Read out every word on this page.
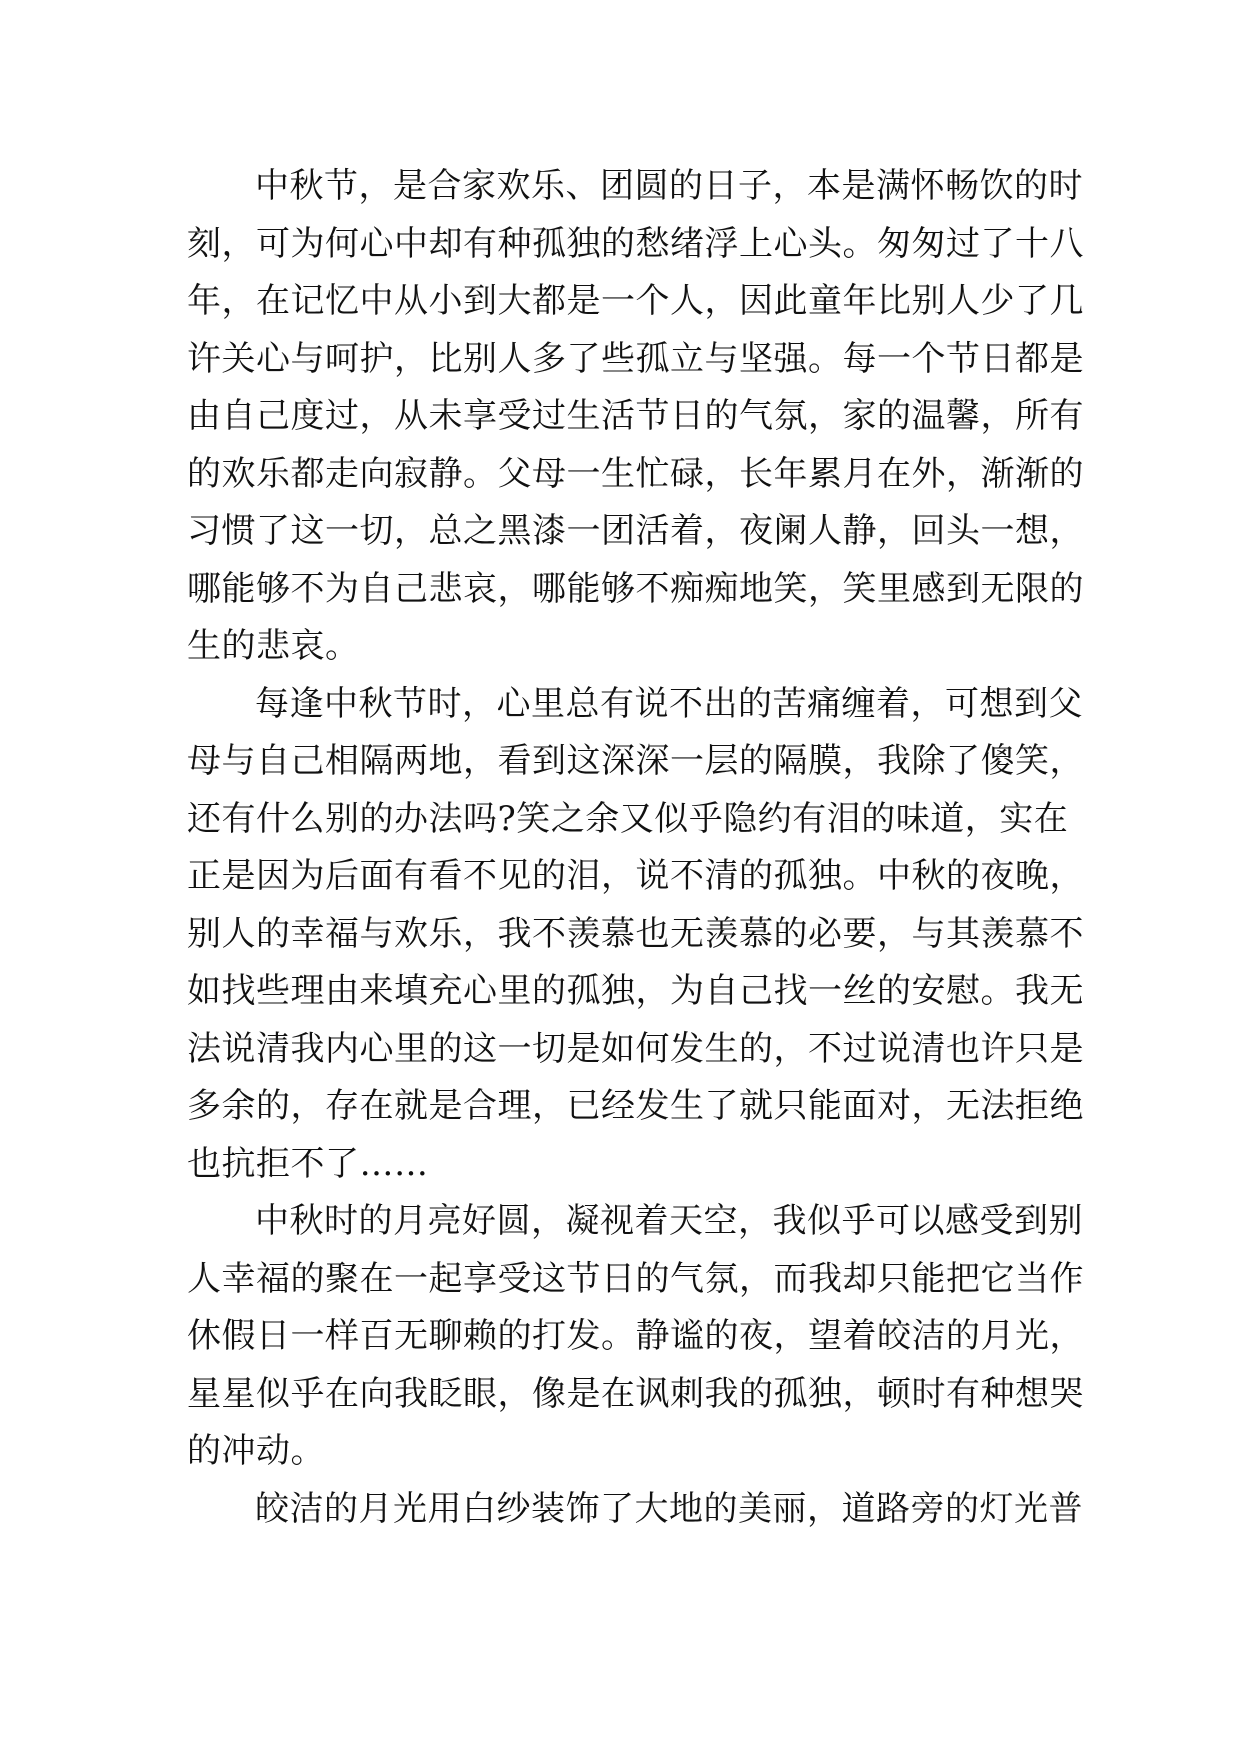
中秋节，是合家欢乐、团圆的日子，本是满怀畅饮的时
刻，可为何心中却有种孤独的愁绪浮上心头。匆匆过了十八
年，在记忆中从小到大都是一个人，因此童年比别人少了几
许关心与呵护，比别人多了些孤立与坚强。每一个节日都是
由自己度过，从未享受过生活节日的气氛，家的温馨，所有
的欢乐都走向寂静。父母一生忙碌，长年累月在外，渐渐的
习惯了这一切，总之黑漆一团活着，夜阑人静，回头一想，
哪能够不为自己悲哀，哪能够不痴痴地笑，笑里感到无限的
生的悲哀。
每逢中秋节时，心里总有说不出的苦痛缠着，可想到父
母与自己相隔两地，看到这深深一层的隔膜，我除了傻笑，
还有什么别的办法吗?笑之余又似乎隐约有泪的味道，实在
正是因为后面有看不见的泪，说不清的孤独。中秋的夜晚，
别人的幸福与欢乐，我不羡慕也无羡慕的必要，与其羡慕不
如找些理由来填充心里的孤独，为自己找一丝的安慰。我无
法说清我内心里的这一切是如何发生的，不过说清也许只是
多余的，存在就是合理，已经发生了就只能面对，无法拒绝
也抗拒不了……
中秋时的月亮好圆，凝视着天空，我似乎可以感受到别
人幸福的聚在一起享受这节日的气氛，而我却只能把它当作
休假日一样百无聊赖的打发。静谧的夜，望着皎洁的月光，
星星似乎在向我眨眼，像是在讽刺我的孤独，顿时有种想哭
的冲动。
皎洁的月光用白纱装饰了大地的美丽，道路旁的灯光普
